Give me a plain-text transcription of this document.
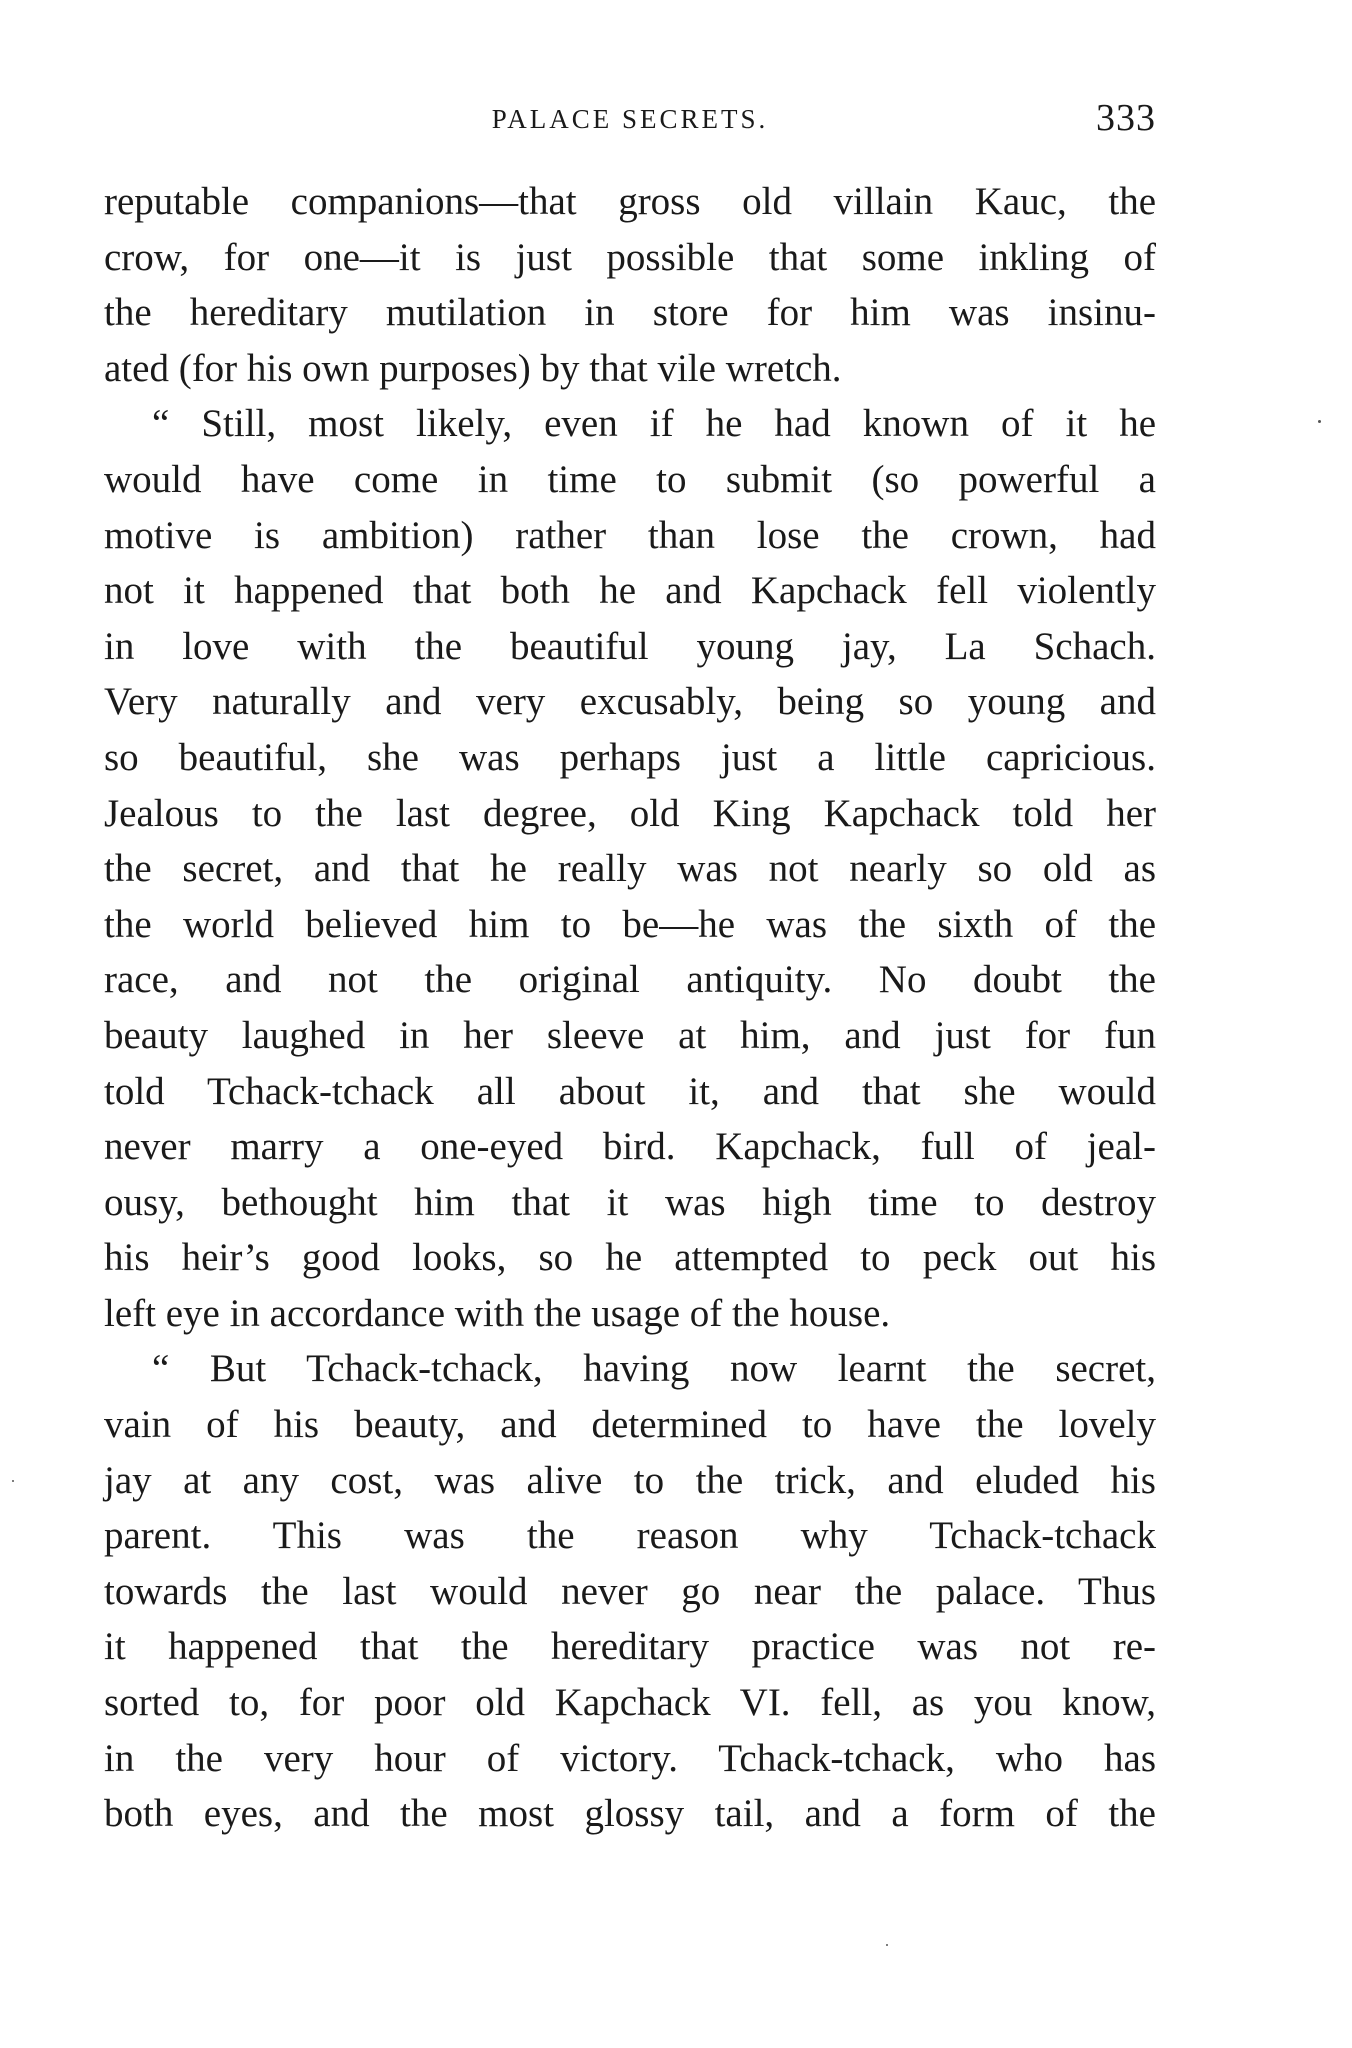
PALACE SECRETS.	333
reputable companions—that gross old villain Kauc, the
crow, for one—it is just possible that some inkling of
the hereditary mutilation in store for him was insinu-
ated (for his own purposes) by that vile wretch.
“ Still, most likely, even if he had known of it he
would have come in time to submit (so powerful a
motive is ambition) rather than lose the crown, had
not it happened that both he and Kapchack fell violently
in love with the beautiful young jay, La Schach.
Very naturally and very excusably, being so young and
so beautiful, she was perhaps just a little capricious.
Jealous to the last degree, old King Kapchack told her
the secret, and that he really was not nearly so old as
the world believed him to be—he was the sixth of the
race, and not the original antiquity. No doubt the
beauty laughed in her sleeve at him, and just for fun
told Tchack-tchack all about it, and that she would
never marry a one-eyed bird. Kapchack, full of jeal-
ousy, bethought him that it was high time to destroy
his heir’s good looks, so he attempted to peck out his
left eye in accordance with the usage of the house.
“ But Tchack-tchack, having now learnt the secret,
vain of his beauty, and determined to have the lovely
jay at any cost, was alive to the trick, and eluded his
parent. This was the reason why Tchack-tchack
towards the last would never go near the palace. Thus
it happened that the hereditary practice was not re-
sorted to, for poor old Kapchack VI. fell, as you know,
in the very hour of victory. Tchack-tchack, who has
both eyes, and the most glossy tail, and a form of the
